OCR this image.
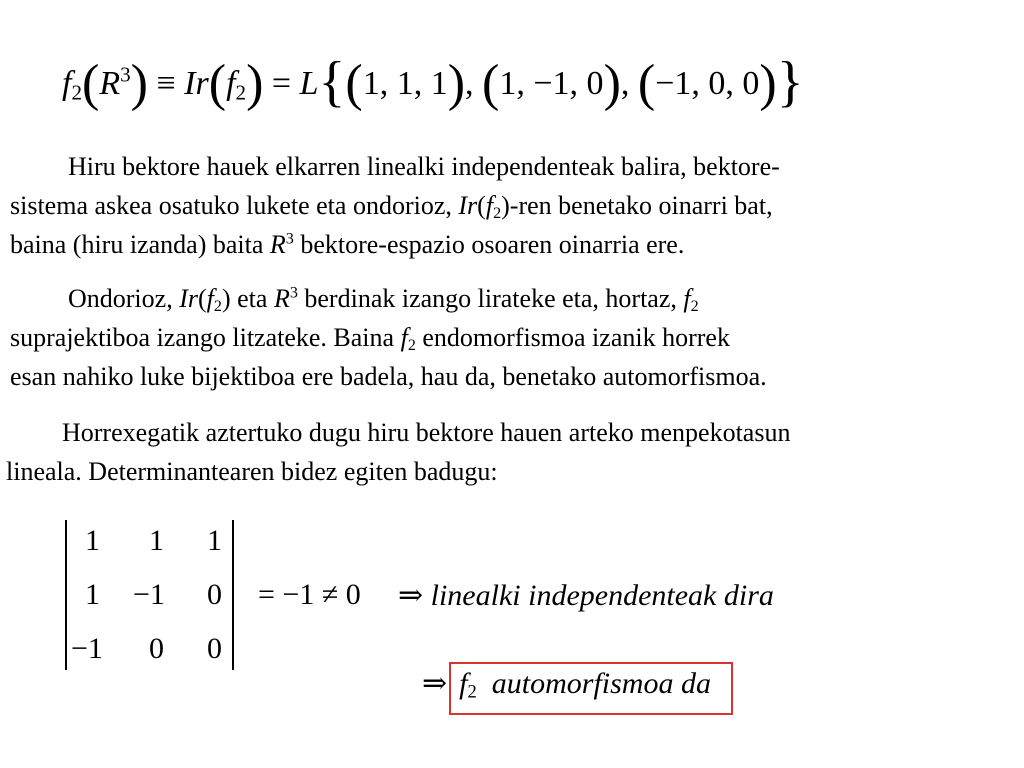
$f_2(R^3) \equiv Ir(f_2) = L\{(1$, 1, 1), (1, −1, 0), (−1, 0, 0)}
Hiru bektore hauek elkarren linealki independenteak balira, bektore-
sistema askea osatuko lukete eta ondorioz, $Ir(f_2)$-ren benetako oinarri bat,
baina (hiru izanda) baita $R^3$ bektore-espazio osoaren oinarria ere.
Ondorioz, $Ir(f_2)$ eta $R^3$ berdinak izango lirateke eta, hortaz, $f_2$
suprajektiboa izango litzateke. Baina $f_2$ endomorfismoa izanik horrek
esan nahiko luke bijektiboa ere badela, hau da, benetako automorfismoa.
Horrexegatik aztertuko dugu hiru bektore hauen arteko menpekotasun
lineala. Determinantearen bidez egiten badugu:
1 1 1
1 −1 0
−1 0 0
= −1 ≠ 0 ⇒ linealki independenteak dira
⇒ $f_2$ automorfismoa da
